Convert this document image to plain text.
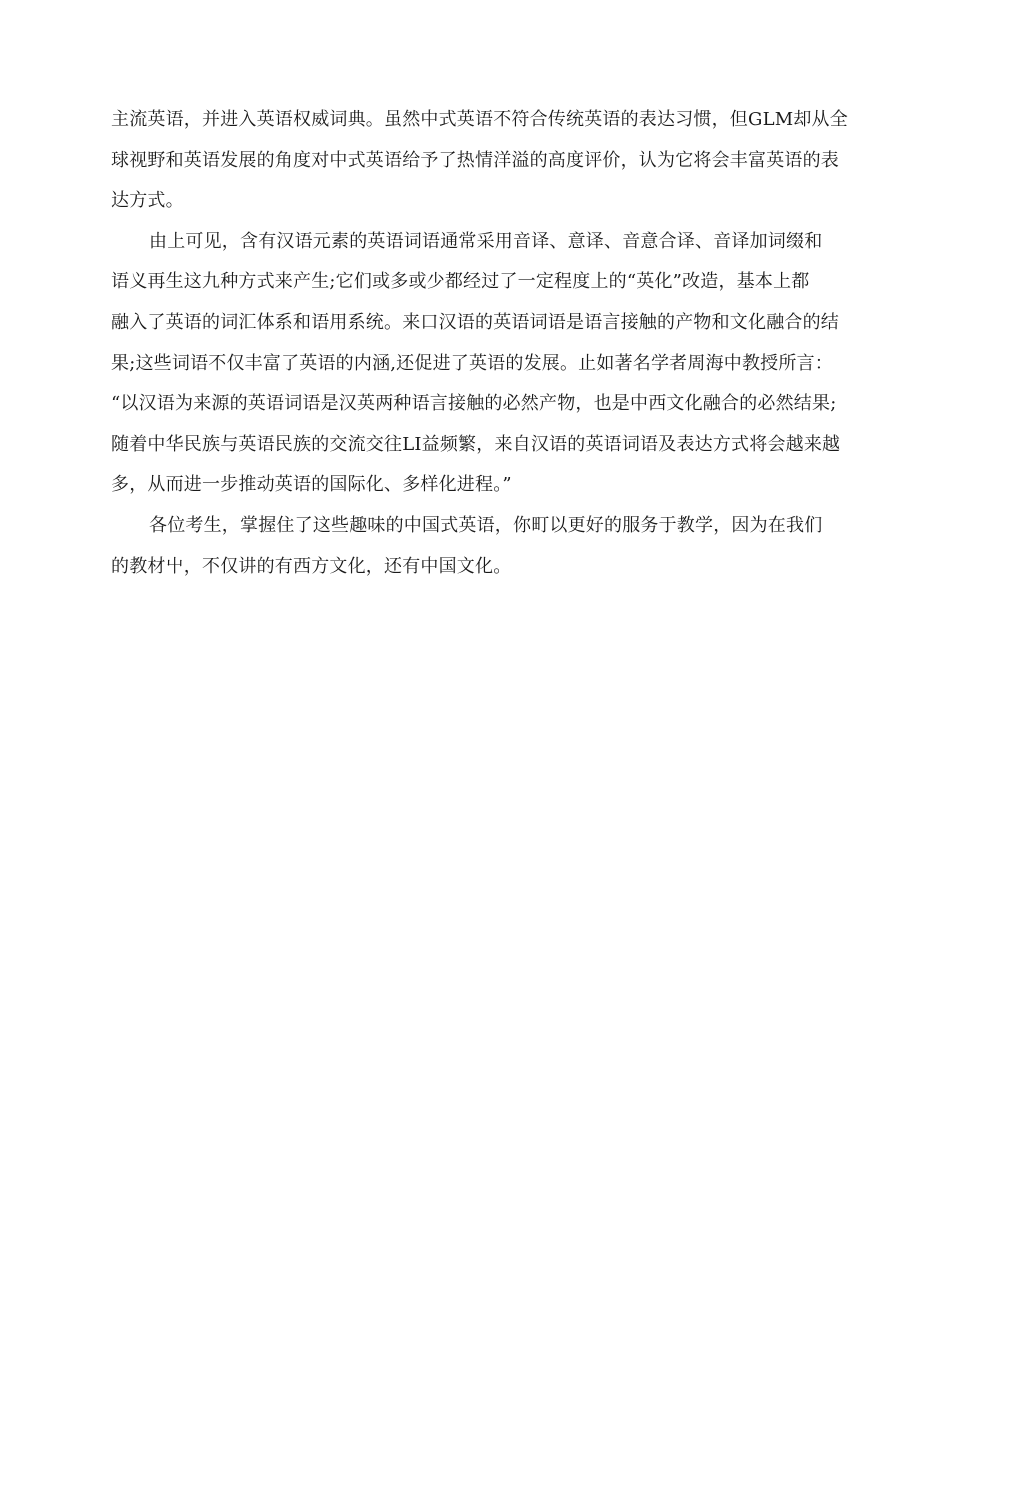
主流英语，并进入英语权威词典。虽然中式英语不符合传统英语的表达习惯，但GLM却从全
球视野和英语发展的角度对中式英语给予了热情洋溢的高度评价，认为它将会丰富英语的表
达方式。
由上可见，含有汉语元素的英语词语通常采用音译、意译、音意合译、音译加词缀和
语义再生这九种方式来产生;它们或多或少都经过了一定程度上的“英化”改造，基本上都
融入了英语的词汇体系和语用系统。来口汉语的英语词语是语言接触的产物和文化融合的结
果;这些词语不仅丰富了英语的内涵,还促进了英语的发展。止如著名学者周海中教授所言：
“以汉语为来源的英语词语是汉英两种语言接触的必然产物，也是中西文化融合的必然结果;
随着中华民族与英语民族的交流交往LI益频繁，来自汉语的英语词语及表达方式将会越来越
多，从而进一步推动英语的国际化、多样化进程。”
各位考生，掌握住了这些趣味的中国式英语，你町以更好的服务于教学，因为在我们
的教材屮，不仅讲的有西方文化，还有中国文化。
